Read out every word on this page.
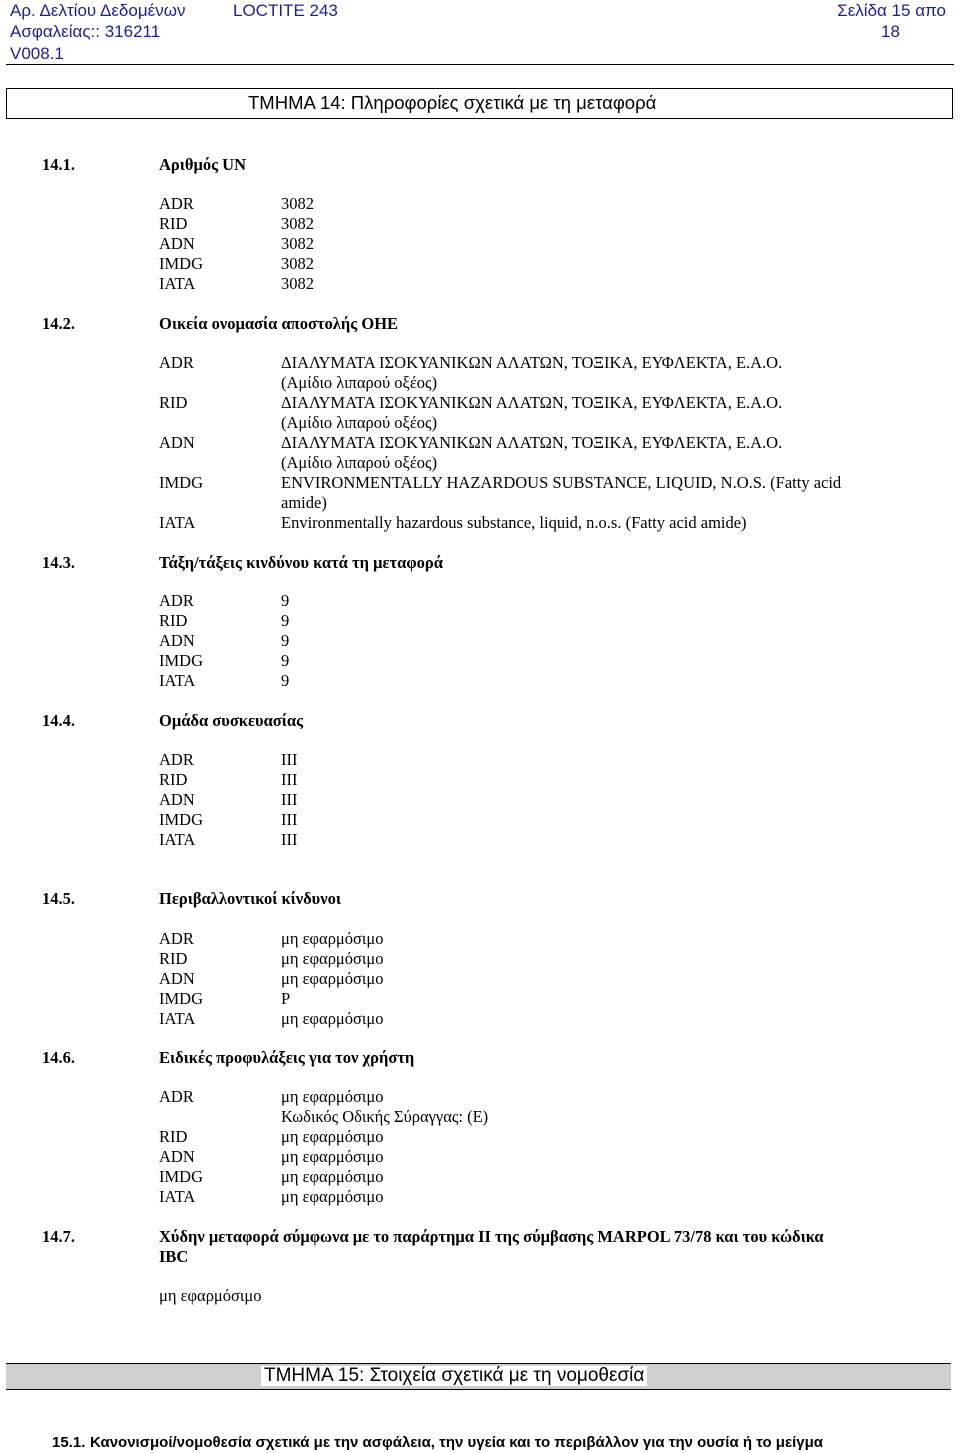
Αρ. Δελτίου Δεδομένων	LOCTITE 243	Σελίδα 15 απο
Ασφαλείας:: 316211	18
V008.1
ΤΜΗΜΑ 14: Πληροφορίες σχετικά με τη μεταφορά
14.1.	Αριθμός UN
ADR	3082
RID	3082
ADN	3082
IMDG	3082
IATA	3082
14.2.	Οικεία ονομασία αποστολής ΟΗΕ
ADR	ΔΙΑΛΥΜΑΤΑ ΙΣΟΚΥΑΝΙΚΩΝ ΑΛΑΤΩΝ, ΤΟΞΙΚΑ, ΕΥΦΛΕΚΤΑ, Ε.Α.Ο.
(Αμίδιο λιπαρού οξέος)
RID	ΔΙΑΛΥΜΑΤΑ ΙΣΟΚΥΑΝΙΚΩΝ ΑΛΑΤΩΝ, ΤΟΞΙΚΑ, ΕΥΦΛΕΚΤΑ, Ε.Α.Ο.
(Αμίδιο λιπαρού οξέος)
ADN	ΔΙΑΛΥΜΑΤΑ ΙΣΟΚΥΑΝΙΚΩΝ ΑΛΑΤΩΝ, ΤΟΞΙΚΑ, ΕΥΦΛΕΚΤΑ, Ε.Α.Ο.
(Αμίδιο λιπαρού οξέος)
IMDG	ENVIRONMENTALLY HAZARDOUS SUBSTANCE, LIQUID, N.O.S. (Fatty acid
amide)
IATA	Environmentally hazardous substance, liquid, n.o.s. (Fatty acid amide)
14.3.	Τάξη/τάξεις κινδύνου κατά τη μεταφορά
ADR	9
RID	9
ADN	9
IMDG	9
IATA	9
14.4.	Ομάδα συσκευασίας
ADR	III
RID	III
ADN	III
IMDG	III
IATA	III
14.5.	Περιβαλλοντικοί κίνδυνοι
ADR	μη εφαρμόσιμο
RID	μη εφαρμόσιμο
ADN	μη εφαρμόσιμο
IMDG	P
IATA	μη εφαρμόσιμο
14.6.	Ειδικές προφυλάξεις για τον χρήστη
ADR	μη εφαρμόσιμο
Κωδικός Οδικής Σύραγγας: (E)
RID	μη εφαρμόσιμο
ADN	μη εφαρμόσιμο
IMDG	μη εφαρμόσιμο
IATA	μη εφαρμόσιμο
14.7.	Χύδην μεταφορά σύμφωνα με το παράρτημα II της σύμβασης MARPOL 73/78 και του κώδικα
IBC
μη εφαρμόσιμο
ΤΜΗΜΑ 15: Στοιχεία σχετικά με τη νομοθεσία
15.1. Κανονισμοί/νομοθεσία σχετικά με την ασφάλεια, την υγεία και το περιβάλλον για την ουσία ή το μείγμα
